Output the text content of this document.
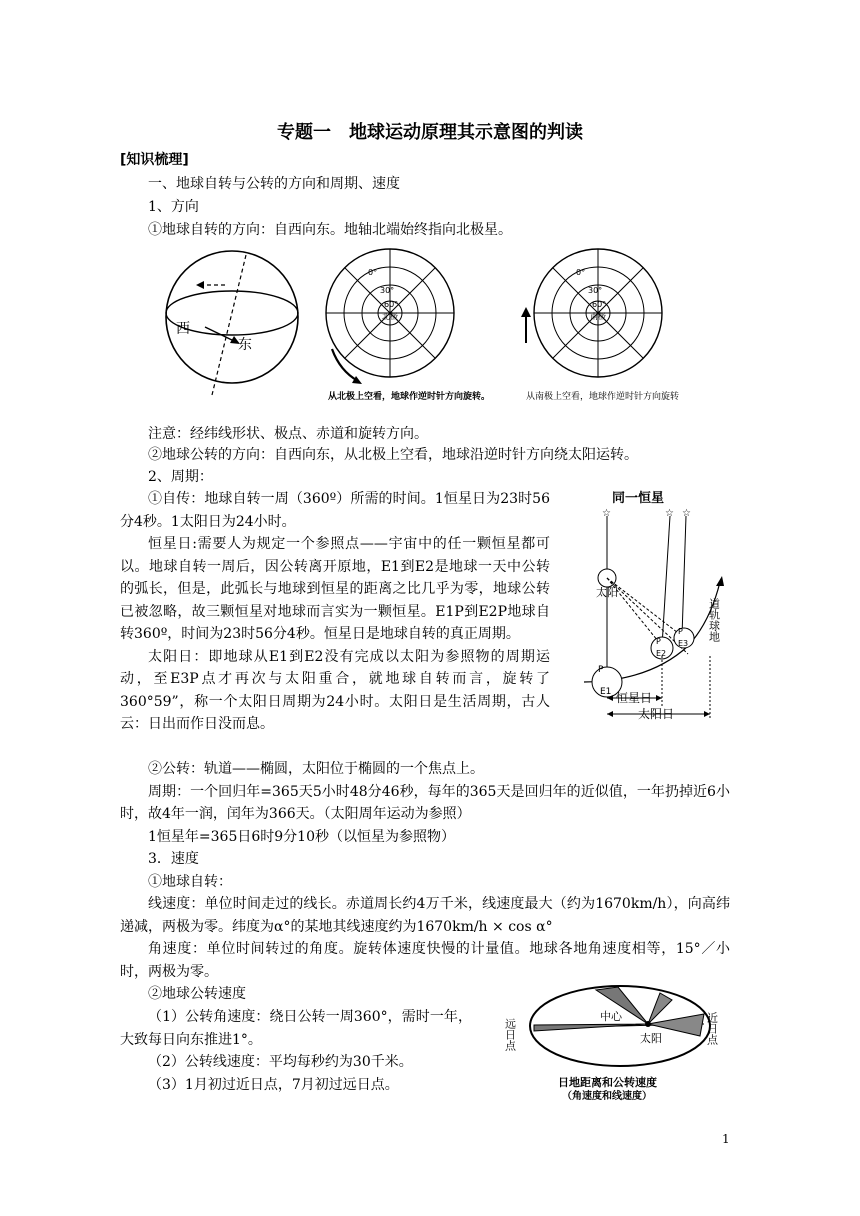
专题一　地球运动原理其示意图的判读
[知识梳理]
一、地球自转与公转的方向和周期、速度
1、方向
①地球自转的方向：自西向东。地轴北端始终指向北极星。
西
东
0°
30°
60°
北极
0°
30°
60°
南极
从北极上空看，地球作逆时针方向旋转。	从南极上空看，地球作逆时针方向旋转
注意：经纬线形状、极点、赤道和旋转方向。
②地球公转的方向：自西向东，从北极上空看，地球沿逆时针方向绕太阳运转。
2、周期：

①自传：地球自转一周（360º）所需的时间。1恒星日为23时56分4秒。1太阳日为24小时。

恒星日:需要人为规定一个参照点——宇宙中的任一颗恒星都可以。地球自转一周后，因公转离开原地，E1到E2是地球一天中公转的弧长，但是，此弧长与地球到恒星的距离之比几乎为零，地球公转已被忽略，故三颗恒星对地球而言实为一颗恒星。E1P到E2P地球自转360º，时间为23时56分4秒。恒星日是地球自转的真正周期。

太阳日：即地球从E1到E2没有完成以太阳为参照物的周期运动，至E3P点才再次与太阳重合，就地球自转而言，旋转了360°59”，称一个太阳日周期为24小时。太阳日是生活周期，古人云：日出而作日没而息。

同一恒星
☆	☆ ☆
太阳
P
E1
P
E2
P
E3
道轨球地
恒星日
太阳日

②公转：轨道——椭圆，太阳位于椭圆的一个焦点上。

周期：一个回归年=365天5小时48分46秒，每年的365天是回归年的近似值，一年扔掉近6小时，故4年一润，闰年为366天。（太阳周年运动为参照）

1恒星年=365日6时9分10秒（以恒星为参照物）

3．速度

①地球自转：

线速度：单位时间走过的线长。赤道周长约4万千米，线速度最大（约为1670km/h），向高纬递减，两极为零。纬度为α°的某地其线速度约为1670km/h × cos α°

角速度：单位时间转过的角度。旋转体速度快慢的计量值。地球各地角速度相等，15°／小时，两极为零。

②地球公转速度

（1）公转角速度：绕日公转一周360°，需时一年，大致每日向东推进1°。

（2）公转线速度：平均每秒约为30千米。

（3）1月初过近日点，7月初过远日点。

中心
太阳
远日点	近日点
日地距离和公转速度
（角速度和线速度）
1
